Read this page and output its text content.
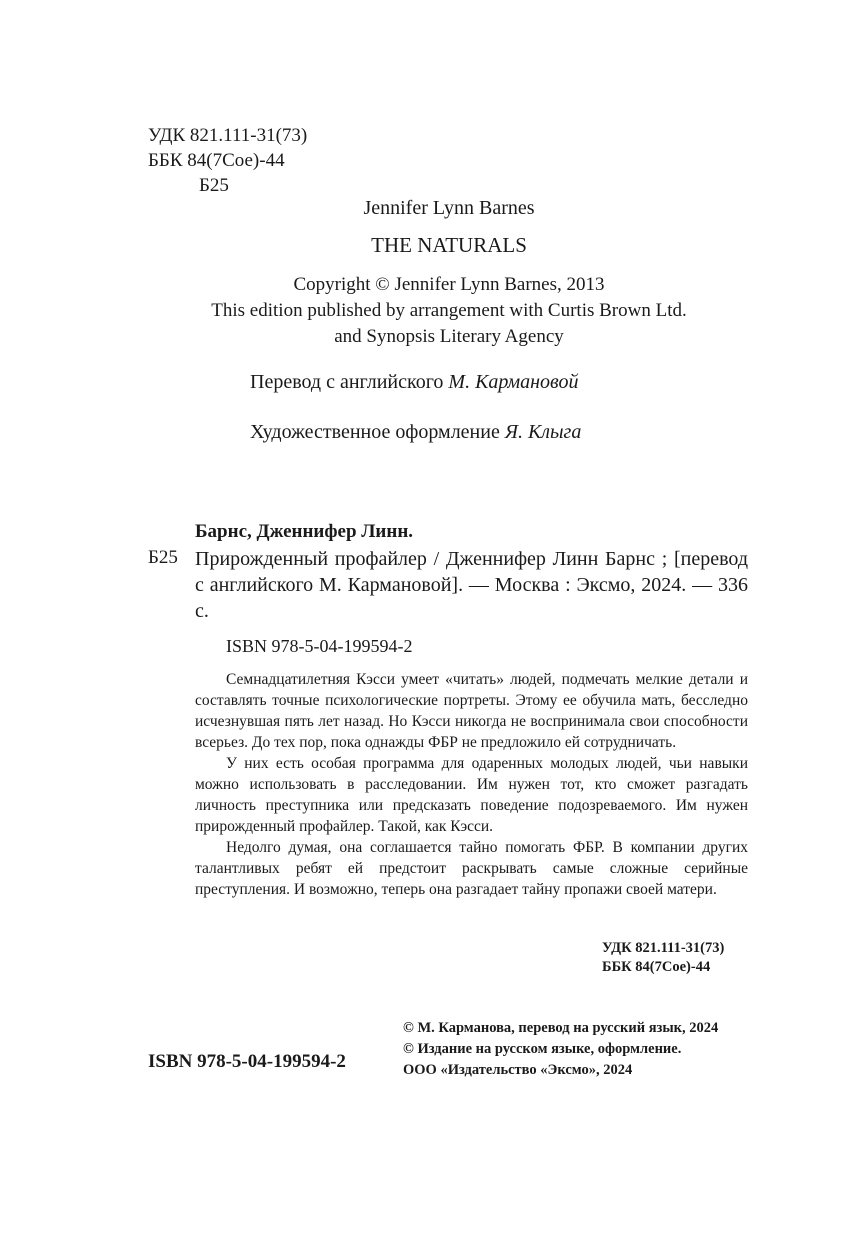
УДК 821.111-31(73)
ББК 84(7Сое)-44
Б25
Jennifer Lynn Barnes
THE NATURALS
Copyright © Jennifer Lynn Barnes, 2013
This edition published by arrangement with Curtis Brown Ltd.
and Synopsis Literary Agency
Перевод с английского М. Кармановой
Художественное оформление Я. Клыга
Барнс, Дженнифер Линн.
Б25 Прирожденный профайлер / Дженнифер Линн Барнс ; [перевод с английского М. Кармановой]. — Москва : Эксмо, 2024. — 336 с.
ISBN 978-5-04-199594-2

Семнадцатилетняя Кэсси умеет «читать» людей, подмечать мелкие детали и составлять точные психологические портреты. Этому ее обучила мать, бесследно исчезнувшая пять лет назад. Но Кэсси никогда не воспринимала свои способности всерьез. До тех пор, пока однажды ФБР не предложило ей сотрудничать.

У них есть особая программа для одаренных молодых людей, чьи навыки можно использовать в расследовании. Им нужен тот, кто сможет разгадать личность преступника или предсказать поведение подозреваемого. Им нужен прирожденный профайлер. Такой, как Кэсси.

Недолго думая, она соглашается тайно помогать ФБР. В компании других талантливых ребят ей предстоит раскрывать самые сложные серийные преступления. И возможно, теперь она разгадает тайну пропажи своей матери.

УДК 821.111-31(73)
ББК 84(7Сое)-44
© М. Карманова, перевод на русский язык, 2024
© Издание на русском языке, оформление.
ООО «Издательство «Эксмо», 2024
ISBN 978-5-04-199594-2
